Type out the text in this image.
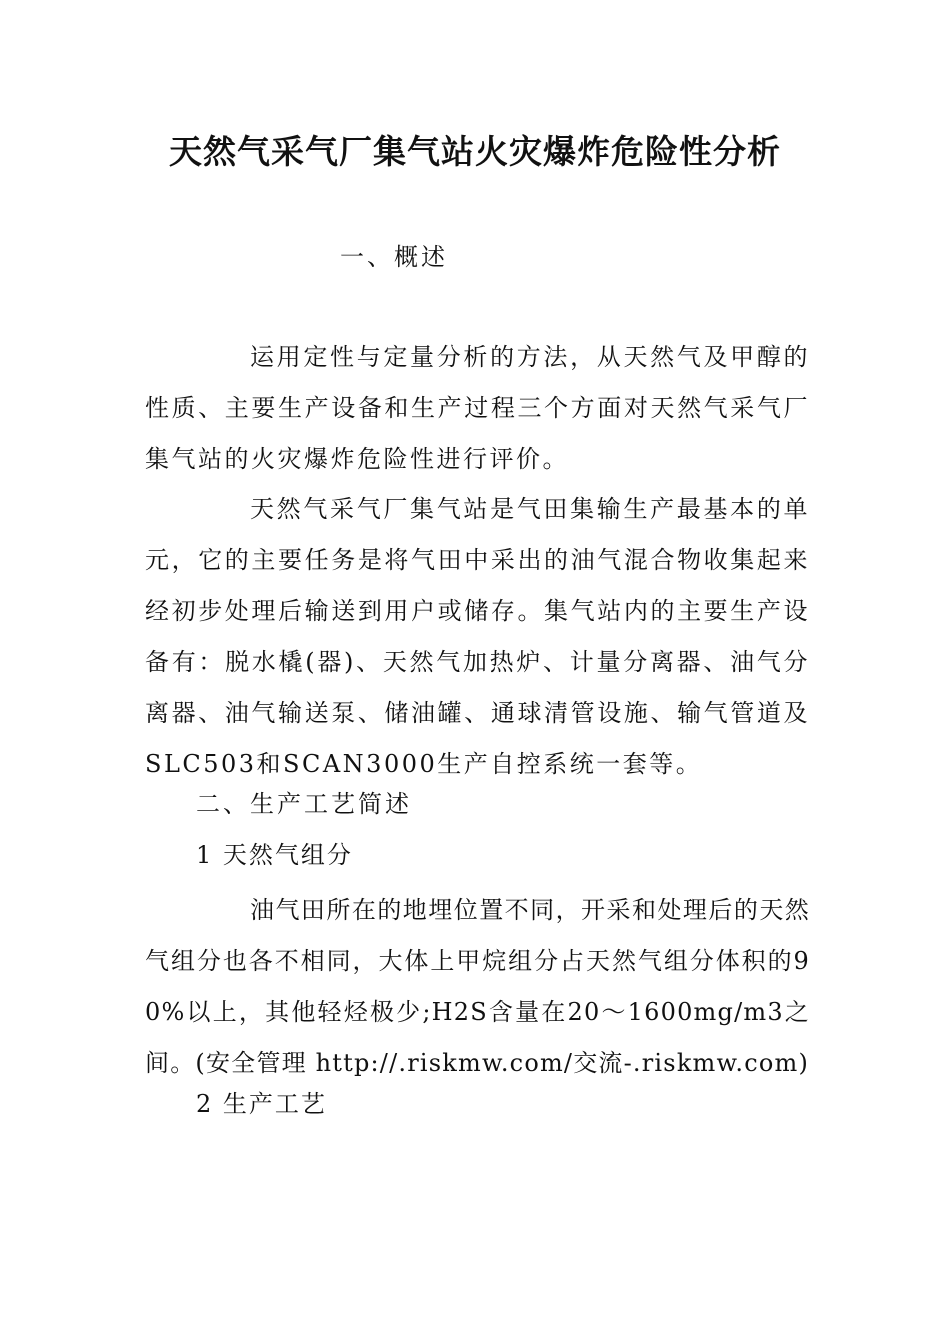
天然气采气厂集气站火灾爆炸危险性分析

一、概述

运用定性与定量分析的方法，从天然气及甲醇的性质、主要生产设备和生产过程三个方面对天然气采气厂集气站的火灾爆炸危险性进行评价。

天然气采气厂集气站是气田集输生产最基本的单元，它的主要任务是将气田中采出的油气混合物收集起来经初步处理后输送到用户或储存。集气站内的主要生产设备有：脱水橇(器)、天然气加热炉、计量分离器、油气分离器、油气输送泵、储油罐、通球清管设施、输气管道及SLC503和SCAN3000生产自控系统一套等。

二、生产工艺简述

1 天然气组分

油气田所在的地埋位置不同，开采和处理后的天然气组分也各不相同，大体上甲烷组分占天然气组分体积的90%以上，其他轻烃极少;H2S含量在20～1600mg/m3之间。(安全管理 http://.riskmw.com/交流-.riskmw.com)

2 生产工艺
